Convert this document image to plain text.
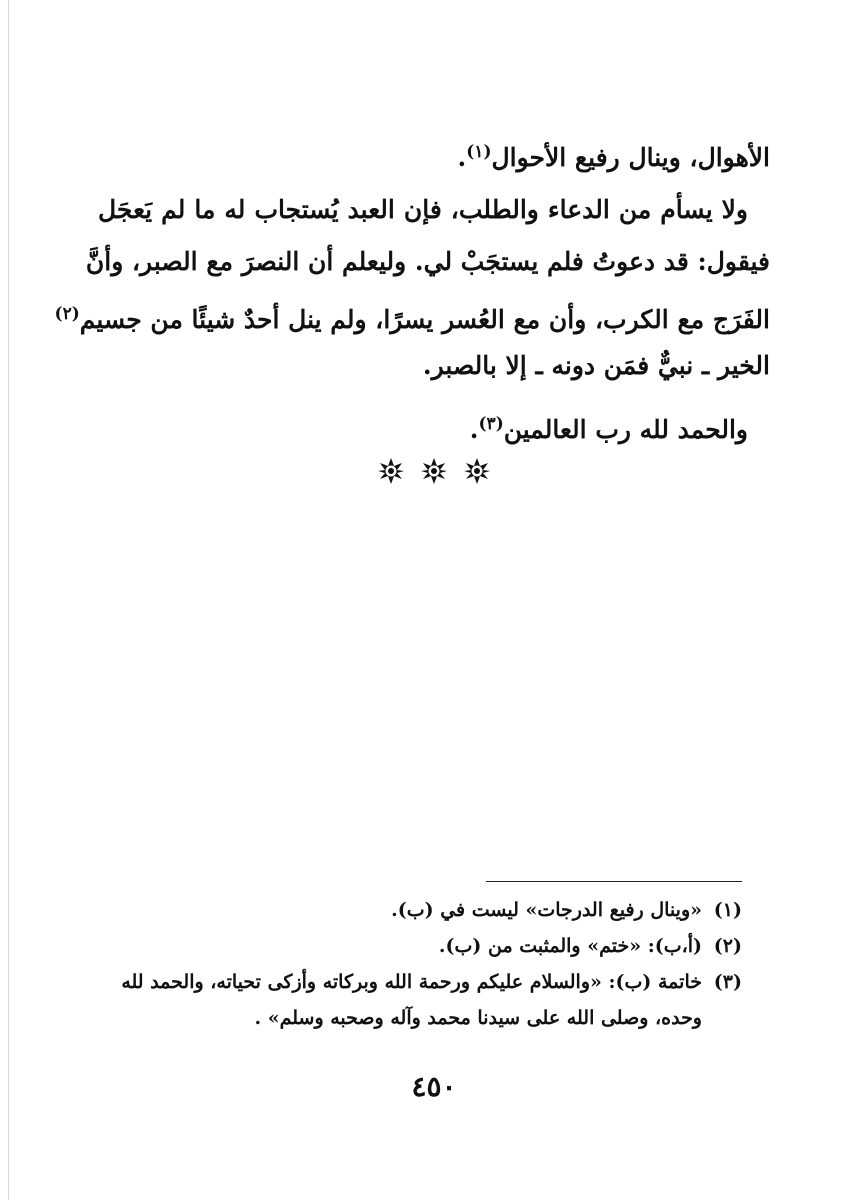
الأهوال، وينال رفيع الأحوال$^{(١)}$.
ولا يسأم من الدعاء والطلب، فإن العبد يُستجاب له ما لم يَعجَل
فيقول: قد دعوتُ فلم يستجَبْ لي. وليعلم أن النصرَ مع الصبر، وأنَّ
الفَرَج مع الكرب، وأن مع العُسر يسرًا، ولم ينل أحدٌ شيئًا من جسيم$^{(٢)}$
الخير ـ نبيٌّ فمَن دونه ـ إلا بالصبر.
والحمد لله رب العالمين$^{(٣)}$.

(١)«وينال رفيع الدرجات» ليست في (ب).
(٢)(أ،ب): «ختم» والمثبت من (ب).
(٣)خاتمة (ب): «والسلام عليكم ورحمة الله وبركاته وأزكى تحياته، والحمد لله
وحده، وصلى الله على سيدنا محمد وآله وصحبه وسلم» .
٤٥٠
